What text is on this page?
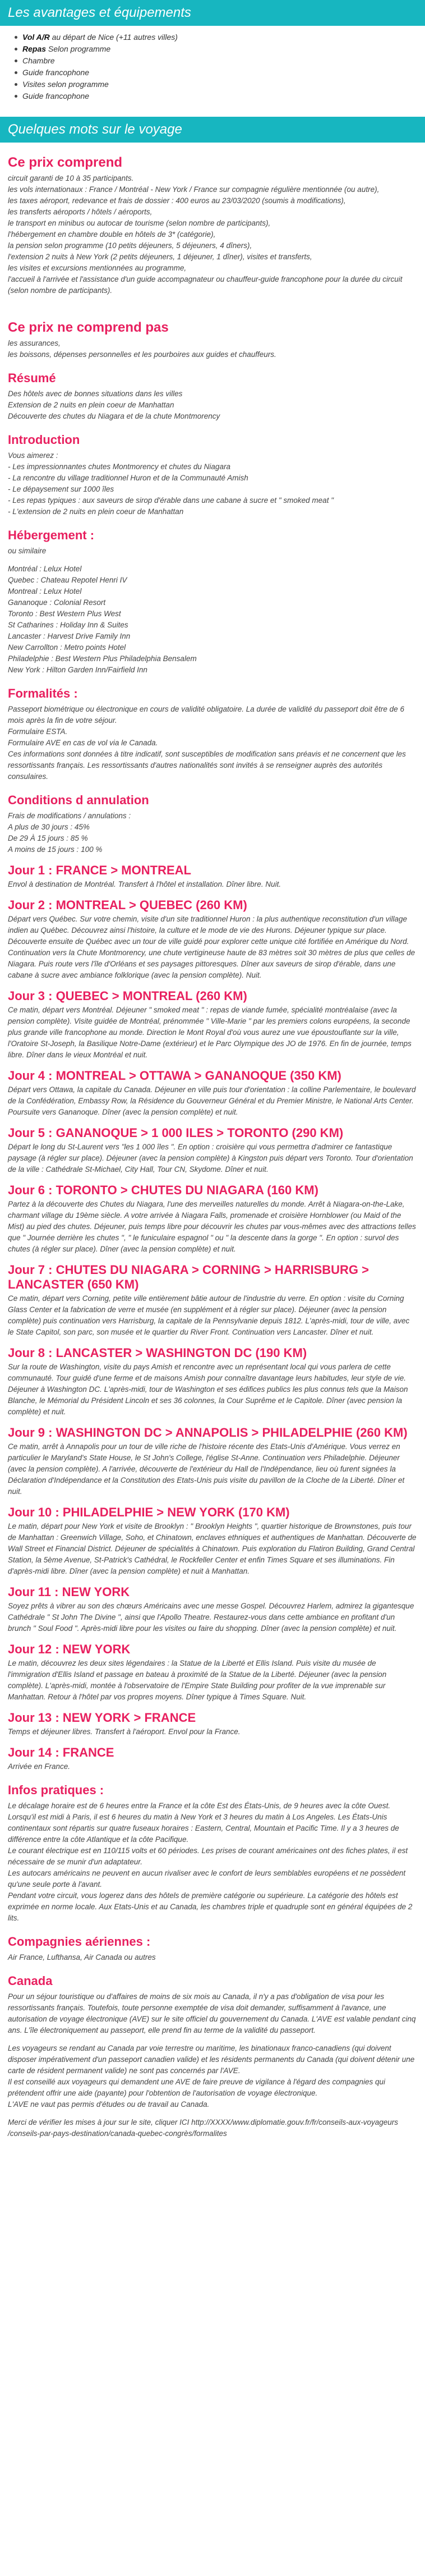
Les avantages et équipements
Vol A/R au départ de Nice (+11 autres villes)
Repas Selon programme
Chambre
Guide francophone
Visites selon programme
Guide francophone
Quelques mots sur le voyage
Ce prix comprend

circuit garanti de 10 à 35 participants.

les vols internationaux : France / Montréal - New York / France sur compagnie régulière mentionnée (ou autre),

les taxes aéroport, redevance et frais de dossier : 400 euros au 23/03/2020 (soumis à modifications),

les transferts aéroports / hôtels / aéroports,

le transport en minibus ou autocar de tourisme (selon nombre de participants),

l'hébergement en chambre double en hôtels de 3* (catégorie),

la pension selon programme (10 petits déjeuners, 5 déjeuners, 4 dîners),

l'extension 2 nuits à New York (2 petits déjeuners, 1 déjeuner, 1 dîner), visites et transferts,

les visites et excursions mentionnées au programme,

l'accueil à l'arrivée et l'assistance d'un guide accompagnateur ou chauffeur-guide francophone pour la durée du circuit (selon nombre de participants).

Ce prix ne comprend pas

les assurances,

les boissons, dépenses personnelles et les pourboires aux guides et chauffeurs.

Résumé

Des hôtels avec de bonnes situations dans les villes

Extension de 2 nuits en plein coeur de Manhattan

Découverte des chutes du Niagara et de la chute Montmorency

Introduction

Vous aimerez :

- Les impressionnantes chutes Montmorency et chutes du Niagara

- La rencontre du village traditionnel Huron et de la Communauté Amish

- Le dépaysement sur 1000 îles

- Les repas typiques : aux saveurs de sirop d'érable dans une cabane à sucre et " smoked meat "

- L'extension de 2 nuits en plein coeur de Manhattan

Hébergement :

ou similaire

Montréal : Lelux Hotel

Quebec : Chateau Repotel Henri IV

Montreal : Lelux Hotel

Gananoque : Colonial Resort

Toronto : Best Western Plus West

St Catharines : Holiday Inn & Suites

Lancaster : Harvest Drive Family Inn

New Carrollton : Metro points Hotel

Philadelphie : Best Western Plus Philadelphia Bensalem

New York : Hilton Garden Inn/Fairfield Inn

Formalités :

Passeport biométrique ou électronique en cours de validité obligatoire. La durée de validité du passeport doit être de 6 mois après la fin de votre séjour.

Formulaire ESTA.

Formulaire AVE en cas de vol via le Canada.

Ces informations sont données à titre indicatif, sont susceptibles de modification sans préavis et ne concernent que les ressortissants français. Les ressortissants d'autres nationalités sont invités à se renseigner auprès des autorités consulaires.

Conditions d annulation

Frais de modifications / annulations :

A plus de 30 jours : 45%

De 29 À 15 jours : 85 %

A moins de 15 jours : 100 %

Jour 1 : FRANCE > MONTREAL
Envol à destination de Montréal. Transfert à l'hôtel et installation. Dîner libre. Nuit.
Jour 2 : MONTREAL > QUEBEC (260 KM)
Départ vers Québec. Sur votre chemin, visite d'un site traditionnel Huron : la plus authentique reconstitution d'un village indien au Québec. Découvrez ainsi l'histoire, la culture et le mode de vie des Hurons. Déjeuner typique sur place. Découverte ensuite de Québec avec un tour de ville guidé pour explorer cette unique cité fortifiée en Amérique du Nord. Continuation vers la Chute Montmorency, une chute vertigineuse haute de 83 mètres soit 30 mètres de plus que celles de Niagara. Puis route vers l'île d'Orléans et ses paysages pittoresques. Dîner aux saveurs de sirop d'érable, dans une cabane à sucre avec ambiance folklorique (avec la pension complète). Nuit.
Jour 3 : QUEBEC > MONTREAL (260 KM)
Ce matin, départ vers Montréal. Déjeuner " smoked meat " : repas de viande fumée, spécialité montréalaise (avec la pension complète). Visite guidée de Montréal, prénommée " Ville-Marie " par les premiers colons européens, la seconde plus grande ville francophone au monde. Direction le Mont Royal d'où vous aurez une vue époustouflante sur la ville, l'Oratoire St-Joseph, la Basilique Notre-Dame (extérieur) et le Parc Olympique des JO de 1976. En fin de journée, temps libre. Dîner dans le vieux Montréal et nuit.
Jour 4 : MONTREAL > OTTAWA > GANANOQUE (350 KM)
Départ vers Ottawa, la capitale du Canada. Déjeuner en ville puis tour d'orientation : la colline Parlementaire, le boulevard de la Confédération, Embassy Row, la Résidence du Gouverneur Général et du Premier Ministre, le National Arts Center. Poursuite vers Gananoque. Dîner (avec la pension complète) et nuit.
Jour 5 : GANANOQUE > 1 000 ILES > TORONTO (290 KM)
Départ le long du St-Laurent vers "les 1 000 îles ". En option : croisière qui vous permettra d'admirer ce fantastique paysage (à régler sur place). Déjeuner (avec la pension complète) à Kingston puis départ vers Toronto. Tour d'orientation de la ville : Cathédrale St-Michael, City Hall, Tour CN, Skydome. Dîner et nuit.
Jour 6 : TORONTO > CHUTES DU NIAGARA (160 KM)
Partez à la découverte des Chutes du Niagara, l'une des merveilles naturelles du monde. Arrêt à Niagara-on-the-Lake, charmant village du 19ème siècle. A votre arrivée à Niagara Falls, promenade et croisière Hornblower (ou Maid of the Mist) au pied des chutes. Déjeuner, puis temps libre pour découvrir les chutes par vous-mêmes avec des attractions telles que " Journée derrière les chutes ", " le funiculaire espagnol " ou " la descente dans la gorge ". En option : survol des chutes (à régler sur place). Dîner (avec la pension complète) et nuit.
Jour 7 : CHUTES DU NIAGARA > CORNING > HARRISBURG > LANCASTER (650 KM)
Ce matin, départ vers Corning, petite ville entièrement bâtie autour de l'industrie du verre. En option : visite du Corning Glass Center et la fabrication de verre et musée (en supplément et à régler sur place). Déjeuner (avec la pension complète) puis continuation vers Harrisburg, la capitale de la Pennsylvanie depuis 1812. L'après-midi, tour de ville, avec le State Capitol, son parc, son musée et le quartier du River Front. Continuation vers Lancaster. Dîner et nuit.
Jour 8 : LANCASTER > WASHINGTON DC (190 KM)
Sur la route de Washington, visite du pays Amish et rencontre avec un représentant local qui vous parlera de cette communauté. Tour guidé d'une ferme et de maisons Amish pour connaître davantage leurs habitudes, leur style de vie. Déjeuner à Washington DC. L'après-midi, tour de Washington et ses édifices publics les plus connus tels que la Maison Blanche, le Mémorial du Président Lincoln et ses 36 colonnes, la Cour Suprême et le Capitole. Dîner (avec pension la complète) et nuit.
Jour 9 : WASHINGTON DC > ANNAPOLIS > PHILADELPHIE (260 KM)
Ce matin, arrêt à Annapolis pour un tour de ville riche de l'histoire récente des Etats-Unis d'Amérique. Vous verrez en particulier le Maryland's State House, le St John's College, l'église St-Anne. Continuation vers Philadelphie. Déjeuner (avec la pension complète). A l'arrivée, découverte de l'extérieur du Hall de l'Indépendance, lieu où furent signées la Déclaration d'Indépendance et la Constitution des Etats-Unis puis visite du pavillon de la Cloche de la Liberté. Dîner et nuit.
Jour 10 : PHILADELPHIE > NEW YORK (170 KM)
Le matin, départ pour New York et visite de Brooklyn : " Brooklyn Heights ", quartier historique de Brownstones, puis tour de Manhattan : Greenwich Village, Soho, et Chinatown, enclaves ethniques et authentiques de Manhattan. Découverte de Wall Street et Financial District. Déjeuner de spécialités à Chinatown. Puis exploration du Flatiron Building, Grand Central Station, la 5ème Avenue, St-Patrick's Cathédral, le Rockfeller Center et enfin Times Square et ses illuminations. Fin d'après-midi libre. Dîner (avec la pension complète) et nuit à Manhattan.
Jour 11 : NEW YORK
Soyez prêts à vibrer au son des chœurs Américains avec une messe Gospel. Découvrez Harlem, admirez la gigantesque Cathédrale " St John The Divine ", ainsi que l'Apollo Theatre. Restaurez-vous dans cette ambiance en profitant d'un brunch " Soul Food ". Après-midi libre pour les visites ou faire du shopping. Dîner (avec la pension complète) et nuit.
Jour 12 : NEW YORK
Le matin, découvrez les deux sites légendaires : la Statue de la Liberté et Ellis Island. Puis visite du musée de l'immigration d'Ellis Island et passage en bateau à proximité de la Statue de la Liberté. Déjeuner (avec la pension complète). L'après-midi, montée à l'observatoire de l'Empire State Building pour profiter de la vue imprenable sur Manhattan. Retour à l'hôtel par vos propres moyens. Dîner typique à Times Square. Nuit.
Jour 13 : NEW YORK > FRANCE
Temps et déjeuner libres. Transfert à l'aéroport. Envol pour la France.
Jour 14 : FRANCE
Arrivée en France.
Infos pratiques :

Le décalage horaire est de 6 heures entre la France et la côte Est des États-Unis, de 9 heures avec la côte Ouest. Lorsqu'il est midi à Paris, il est 6 heures du matin à New York et 3 heures du matin à Los Angeles. Les États-Unis continentaux sont répartis sur quatre fuseaux horaires : Eastern, Central, Mountain et Pacific Time. Il y a 3 heures de différence entre la côte Atlantique et la côte Pacifique.

Le courant électrique est en 110/115 volts et 60 périodes. Les prises de courant américaines ont des fiches plates, il est nécessaire de se munir d'un adaptateur.

Les autocars américains ne peuvent en aucun rivaliser avec le confort de leurs semblables européens et ne possèdent qu'une seule porte à l'avant.

Pendant votre circuit, vous logerez dans des hôtels de première catégorie ou supérieure. La catégorie des hôtels est exprimée en norme locale. Aux Etats-Unis et au Canada, les chambres triple et quadruple sont en général équipées de 2 lits.

Compagnies aériennes :

Air France, Lufthansa, Air Canada ou autres

Canada

Pour un séjour touristique ou d'affaires de moins de six mois au Canada, il n'y a pas d'obligation de visa pour les ressortissants français. Toutefois, toute personne exemptée de visa doit demander, suffisamment à l'avance, une autorisation de voyage électronique (AVE) sur le site officiel du gouvernement du Canada. L'AVE est valable pendant cinq ans. L'île électroniquement au passeport, elle prend fin au terme de la validité du passeport.

Les voyageurs se rendant au Canada par voie terrestre ou maritime, les binationaux franco-canadiens (qui doivent disposer impérativement d'un passeport canadien valide) et les résidents permanents du Canada (qui doivent détenir une carte de résident permanent valide) ne sont pas concernés par l'AVE.

Il est conseillé aux voyageurs qui demandent une AVE de faire preuve de vigilance à l'égard des compagnies qui prétendent offrir une aide (payante) pour l'obtention de l'autorisation de voyage électronique.

L'AVE ne vaut pas permis d'études ou de travail au Canada.

Merci de vérifier les mises à jour sur le site, cliquer ICI http://XXXX/www.diplomatie.gouv.fr/fr/conseils-aux-voyageurs /conseils-par-pays-destination/canada-quebec-congrès/formalites
